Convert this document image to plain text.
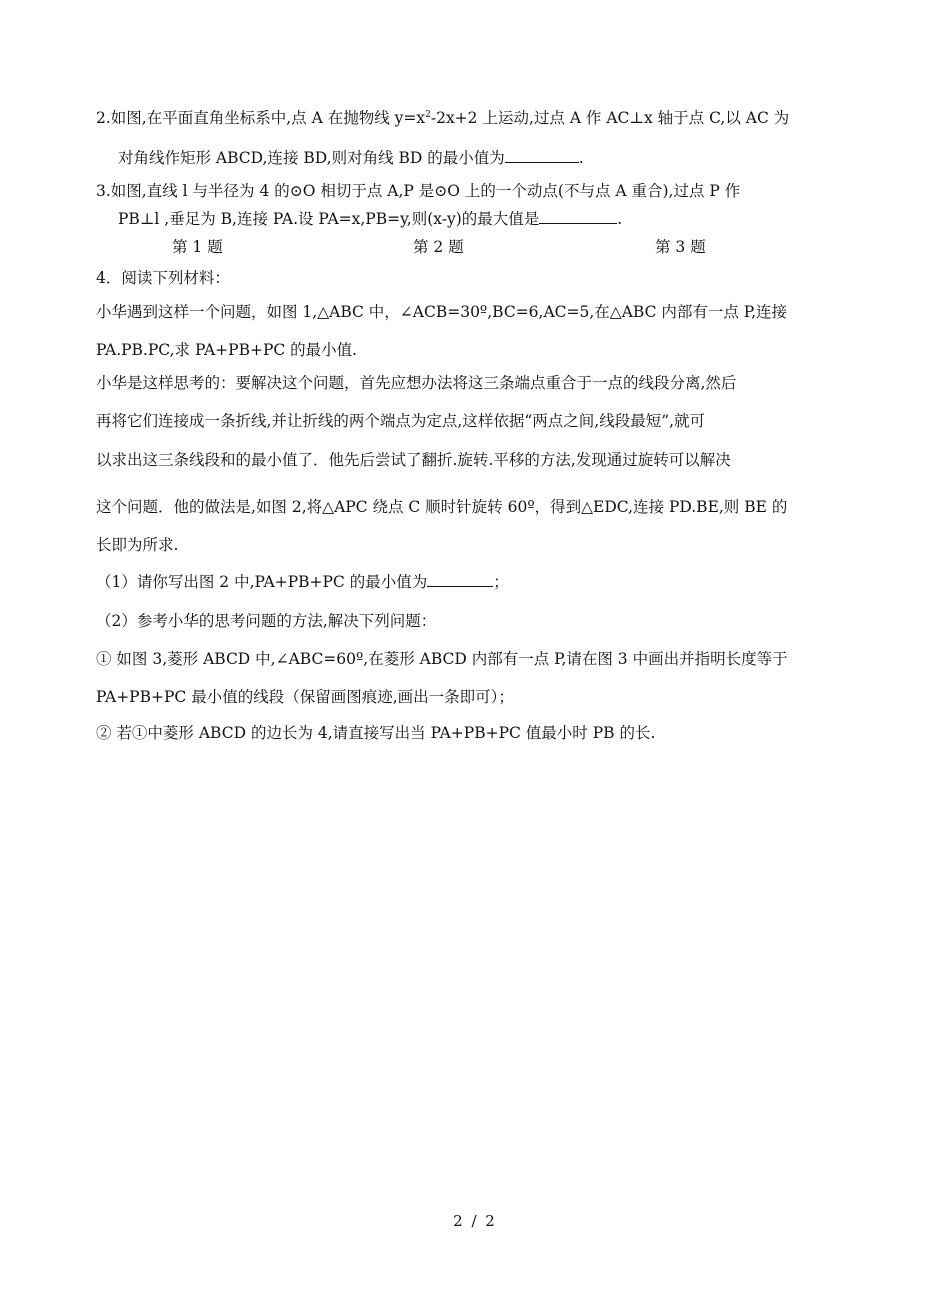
2.如图,在平面直角坐标系中,点 A 在抛物线 $y=x^2-2x+2$ 上运动,过点 A 作 AC⊥x 轴于点 C,以 AC 为
对角线作矩形 ABCD,连接 BD,则对角线 BD 的最小值为	.
3.如图,直线 l 与半径为 4 的⊙O 相切于点 A,P 是⊙O 上的一个动点(不与点 A 重合),过点 P 作
PB⊥l ,垂足为 B,连接 PA.设 PA=x,PB=y,则(x-y)的最大值是	.
第 1 题	第 2 题	第 3 题
4．阅读下列材料：
小华遇到这样一个问题，如图 1,△ABC 中，∠ACB=30º,BC=6,AC=5,在△ABC 内部有一点 P,连接
PA.PB.PC,求 PA+PB+PC 的最小值.
小华是这样思考的：要解决这个问题，首先应想办法将这三条端点重合于一点的线段分离,然后
再将它们连接成一条折线,并让折线的两个端点为定点,这样依据“两点之间,线段最短”,就可
以求出这三条线段和的最小值了．他先后尝试了翻折.旋转.平移的方法,发现通过旋转可以解决
这个问题．他的做法是,如图 2,将△APC 绕点 C 顺时针旋转 60º，得到△EDC,连接 PD.BE,则 BE 的
长即为所求.
（1）请你写出图 2 中,PA+PB+PC 的最小值为	；
（2）参考小华的思考问题的方法,解决下列问题：
① 如图 3,菱形 ABCD 中,∠ABC=60º,在菱形 ABCD 内部有一点 P,请在图 3 中画出并指明长度等于
PA+PB+PC 最小值的线段（保留画图痕迹,画出一条即可）；
② 若①中菱形 ABCD 的边长为 4,请直接写出当 PA+PB+PC 值最小时 PB 的长.
2 / 2
